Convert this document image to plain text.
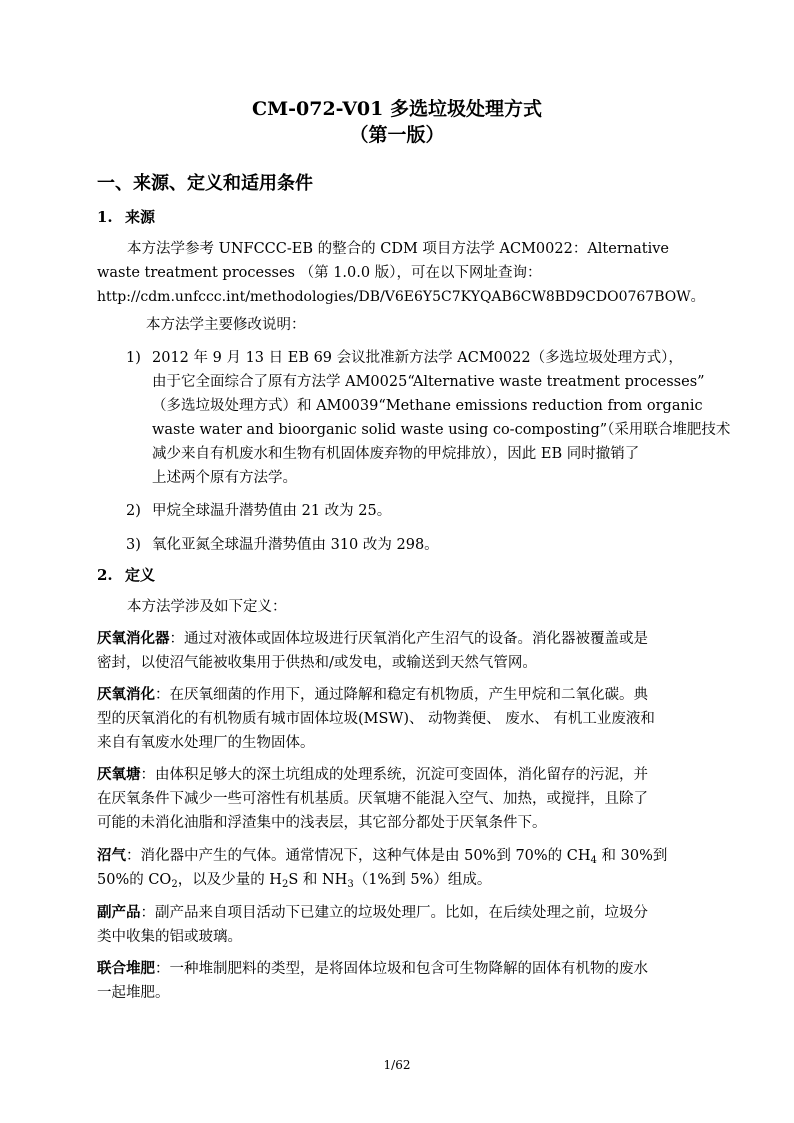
CM-072-V01 多选垃圾处理方式
（第一版）
一、来源、定义和适用条件
1. 来源
本方法学参考 UNFCCC-EB 的整合的 CDM 项目方法学 ACM0022：Alternative
waste treatment processes （第 1.0.0 版），可在以下网址查询：
http://cdm.unfccc.int/methodologies/DB/V6E6Y5C7KYQAB6CW8BD9CDO0767BOW。
本方法学主要修改说明：
1) 2012 年 9 月 13 日 EB 69 会议批准新方法学 ACM0022（多选垃圾处理方式），
由于它全面综合了原有方法学 AM0025“Alternative waste treatment processes”
（多选垃圾处理方式）和 AM0039“Methane emissions reduction from organic
waste water and bioorganic solid waste using co-composting”（采用联合堆肥技术
减少来自有机废水和生物有机固体废弃物的甲烷排放），因此 EB 同时撤销了
上述两个原有方法学。
2) 甲烷全球温升潜势值由 21 改为 25。
3) 氧化亚氮全球温升潜势值由 310 改为 298。
2. 定义
本方法学涉及如下定义：
厌氧消化器：通过对液体或固体垃圾进行厌氧消化产生沼气的设备。消化器被覆盖或是
密封，以使沼气能被收集用于供热和/或发电，或输送到天然气管网。
厌氧消化：在厌氧细菌的作用下，通过降解和稳定有机物质，产生甲烷和二氧化碳。典
型的厌氧消化的有机物质有城市固体垃圾(MSW)、 动物粪便、 废水、 有机工业废液和
来自有氧废水处理厂的生物固体。
厌氧塘：由体积足够大的深土坑组成的处理系统，沉淀可变固体，消化留存的污泥，并
在厌氧条件下减少一些可溶性有机基质。厌氧塘不能混入空气、加热，或搅拌，且除了
可能的未消化油脂和浮渣集中的浅表层，其它部分都处于厌氧条件下。
沼气：消化器中产生的气体。通常情况下，这种气体是由 50%到 70%的 $CH_4$ 和 30%到
50%的 $CO_2$，以及少量的 $H_2S$ 和 $NH_3(1\%$到 5%）组成。
副产品：副产品来自项目活动下已建立的垃圾处理厂。比如，在后续处理之前，垃圾分
类中收集的铝或玻璃。
联合堆肥：一种堆制肥料的类型，是将固体垃圾和包含可生物降解的固体有机物的废水
一起堆肥。
1/62
